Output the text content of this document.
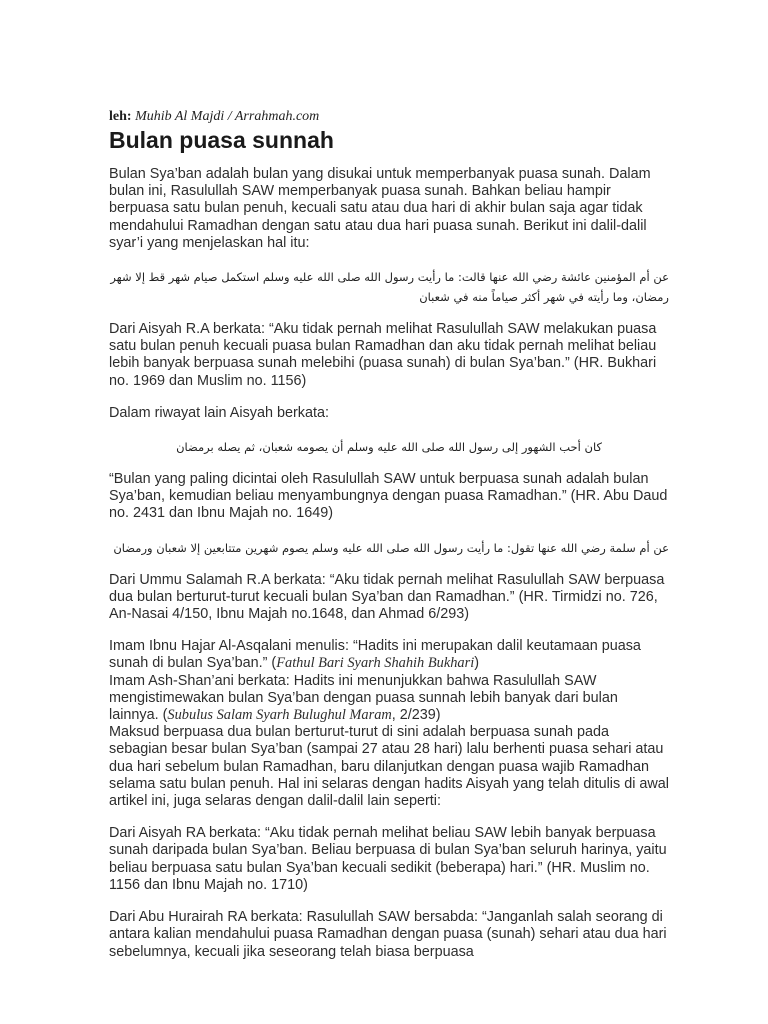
leh: Muhib Al Majdi / Arrahmah.com
Bulan puasa sunnah

Bulan Sya’ban adalah bulan yang disukai untuk memperbanyak puasa sunah. Dalam bulan ini, Rasulullah SAW memperbanyak puasa sunah. Bahkan beliau hampir berpuasa satu bulan penuh, kecuali satu atau dua hari di akhir bulan saja agar tidak mendahului Ramadhan dengan satu atau dua hari puasa sunah. Berikut ini dalil-dalil syar’i yang menjelaskan hal itu:

عن أم المؤمنين عائشة رضي الله عنها قالت: ما رأيت رسول الله صلى الله عليه وسلم استكمل صيام شهر قط إلا شهر رمضان، وما رأيته في شهر أكثر صياماً منه في شعبان

Dari Aisyah R.A berkata: “Aku tidak pernah melihat Rasulullah SAW melakukan puasa satu bulan penuh kecuali puasa bulan Ramadhan dan aku tidak pernah melihat beliau lebih banyak berpuasa sunah melebihi (puasa sunah) di bulan Sya’ban.” (HR. Bukhari no. 1969 dan Muslim no. 1156)

Dalam riwayat lain Aisyah berkata:

كان أحب الشهور إلى رسول الله صلى الله عليه وسلم أن يصومه شعبان، ثم يصله برمضان

“Bulan yang paling dicintai oleh Rasulullah SAW untuk berpuasa sunah adalah bulan Sya’ban, kemudian beliau menyambungnya dengan puasa Ramadhan.” (HR. Abu Daud no. 2431 dan Ibnu Majah no. 1649)

عن أم سلمة رضي الله عنها تقول: ما رأيت رسول الله صلى الله عليه وسلم يصوم شهرين متتابعين إلا شعبان ورمضان

Dari Ummu Salamah R.A berkata: “Aku tidak pernah melihat Rasulullah SAW berpuasa dua bulan berturut-turut kecuali bulan Sya’ban dan Ramadhan.” (HR. Tirmidzi no. 726, An-Nasai 4/150, Ibnu Majah no.1648, dan Ahmad 6/293)

Imam Ibnu Hajar Al-Asqalani menulis: “Hadits ini merupakan dalil keutamaan puasa sunah di bulan Sya’ban.” (Fathul Bari Syarh Shahih Bukhari)

Imam Ash-Shan’ani berkata: Hadits ini menunjukkan bahwa Rasulullah SAW mengistimewakan bulan Sya’ban dengan puasa sunnah lebih banyak dari bulan lainnya. (Subulus Salam Syarh Bulughul Maram, 2/239)

Maksud berpuasa dua bulan berturut-turut di sini adalah berpuasa sunah pada sebagian besar bulan Sya’ban (sampai 27 atau 28 hari) lalu berhenti puasa sehari atau dua hari sebelum bulan Ramadhan, baru dilanjutkan dengan puasa wajib Ramadhan selama satu bulan penuh. Hal ini selaras dengan hadits Aisyah yang telah ditulis di awal artikel ini, juga selaras dengan dalil-dalil lain seperti:

Dari Aisyah RA berkata: “Aku tidak pernah melihat beliau SAW lebih banyak berpuasa sunah daripada bulan Sya’ban. Beliau berpuasa di bulan Sya’ban seluruh harinya, yaitu beliau berpuasa satu bulan Sya’ban kecuali sedikit (beberapa) hari.” (HR. Muslim no. 1156 dan Ibnu Majah no. 1710)

Dari Abu Hurairah RA berkata: Rasulullah SAW bersabda: “Janganlah salah seorang di antara kalian mendahului puasa Ramadhan dengan puasa (sunah) sehari atau dua hari sebelumnya, kecuali jika seseorang telah biasa berpuasa
